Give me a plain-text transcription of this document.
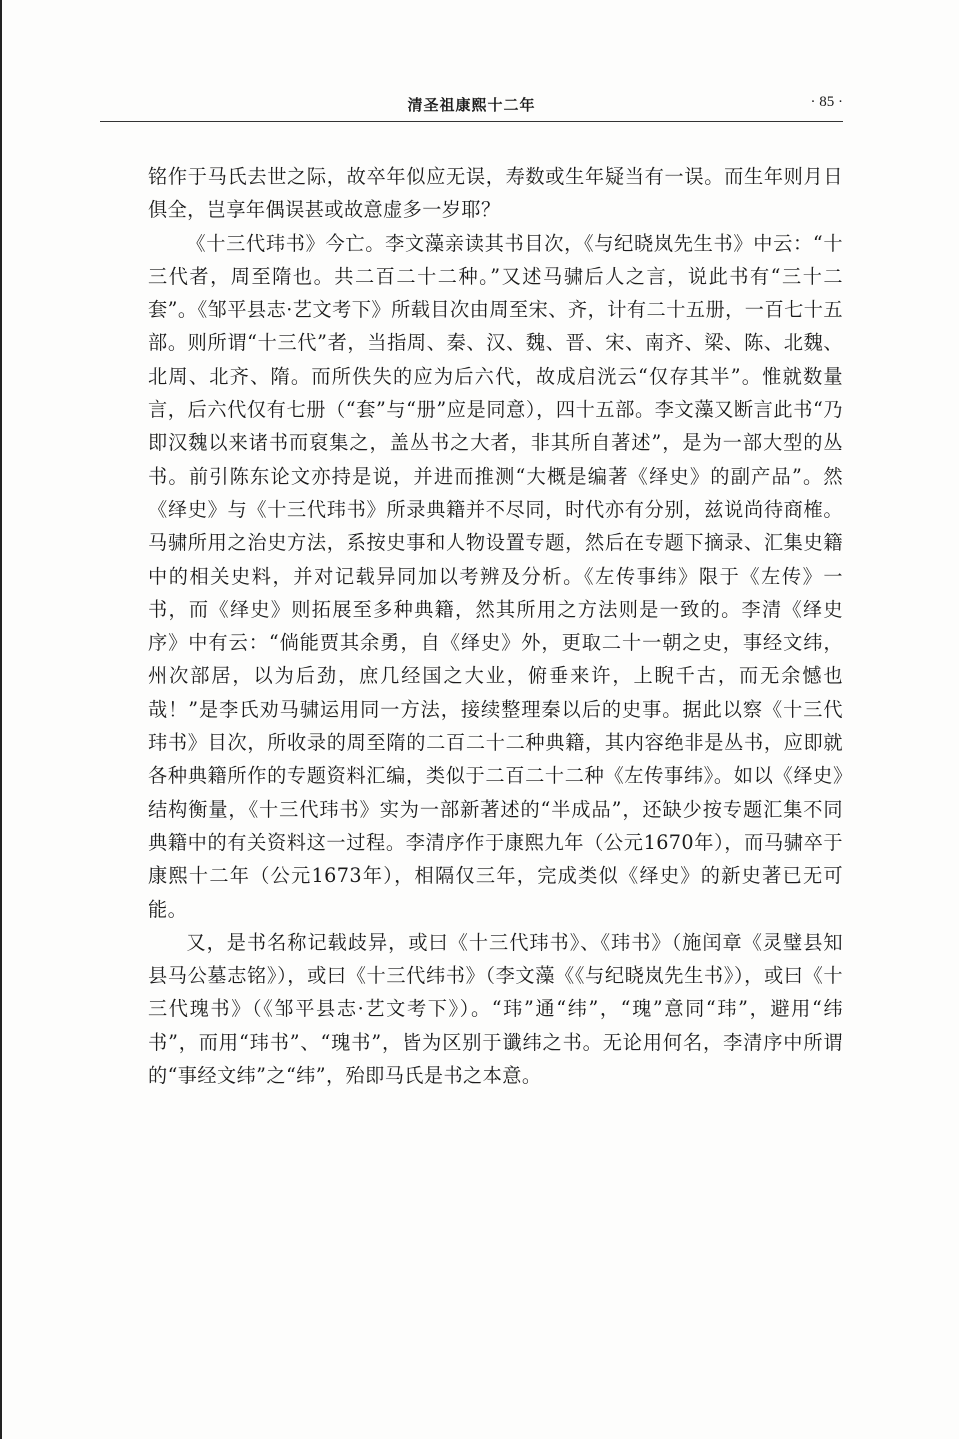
清圣祖康熙十二年	· 85 ·

铭作于马氏去世之际，故卒年似应无误，寿数或生年疑当有一误。而生年则月日俱全，岂享年偶误甚或故意虚多一岁耶？

《十三代玮书》今亡。李文藻亲读其书目次，《与纪晓岚先生书》中云：“十三代者，周至隋也。共二百二十二种。”又述马骕后人之言，说此书有“三十二套”。《邹平县志·艺文考下》所载目次由周至宋、齐，计有二十五册，一百七十五部。则所谓“十三代”者，当指周、秦、汉、魏、晋、宋、南齐、梁、陈、北魏、北周、北齐、隋。而所佚失的应为后六代，故成启洸云“仅存其半”。惟就数量言，后六代仅有七册（“套”与“册”应是同意），四十五部。李文藻又断言此书“乃即汉魏以来诸书而裒集之，盖丛书之大者，非其所自著述”，是为一部大型的丛书。前引陈东论文亦持是说，并进而推测“大概是编著《绎史》的副产品”。然《绎史》与《十三代玮书》所录典籍并不尽同，时代亦有分别，兹说尚待商榷。马骕所用之治史方法，系按史事和人物设置专题，然后在专题下摘录、汇集史籍中的相关史料，并对记载异同加以考辨及分析。《左传事纬》限于《左传》一书，而《绎史》则拓展至多种典籍，然其所用之方法则是一致的。李清《绎史序》中有云：“倘能贾其余勇，自《绎史》外，更取二十一朝之史，事经文纬，州次部居，以为后劲，庶几经国之大业，俯垂来许，上睨千古，而无余憾也哉！”是李氏劝马骕运用同一方法，接续整理秦以后的史事。据此以察《十三代玮书》目次，所收录的周至隋的二百二十二种典籍，其内容绝非是丛书，应即就各种典籍所作的专题资料汇编，类似于二百二十二种《左传事纬》。如以《绎史》结构衡量，《十三代玮书》实为一部新著述的“半成品”，还缺少按专题汇集不同典籍中的有关资料这一过程。李清序作于康熙九年（公元1670年），而马骕卒于康熙十二年（公元1673年），相隔仅三年，完成类似《绎史》的新史著已无可能。

又，是书名称记载歧异，或曰《十三代玮书》、《玮书》（施闰章《灵璧县知县马公墓志铭》），或曰《十三代纬书》（李文藻《《与纪晓岚先生书》），或曰《十三代瑰书》（《邹平县志·艺文考下》）。“玮”通“纬”，“瑰”意同“玮”，避用“纬书”，而用“玮书”、“瑰书”，皆为区别于谶纬之书。无论用何名，李清序中所谓的“事经文纬”之“纬”，殆即马氏是书之本意。
